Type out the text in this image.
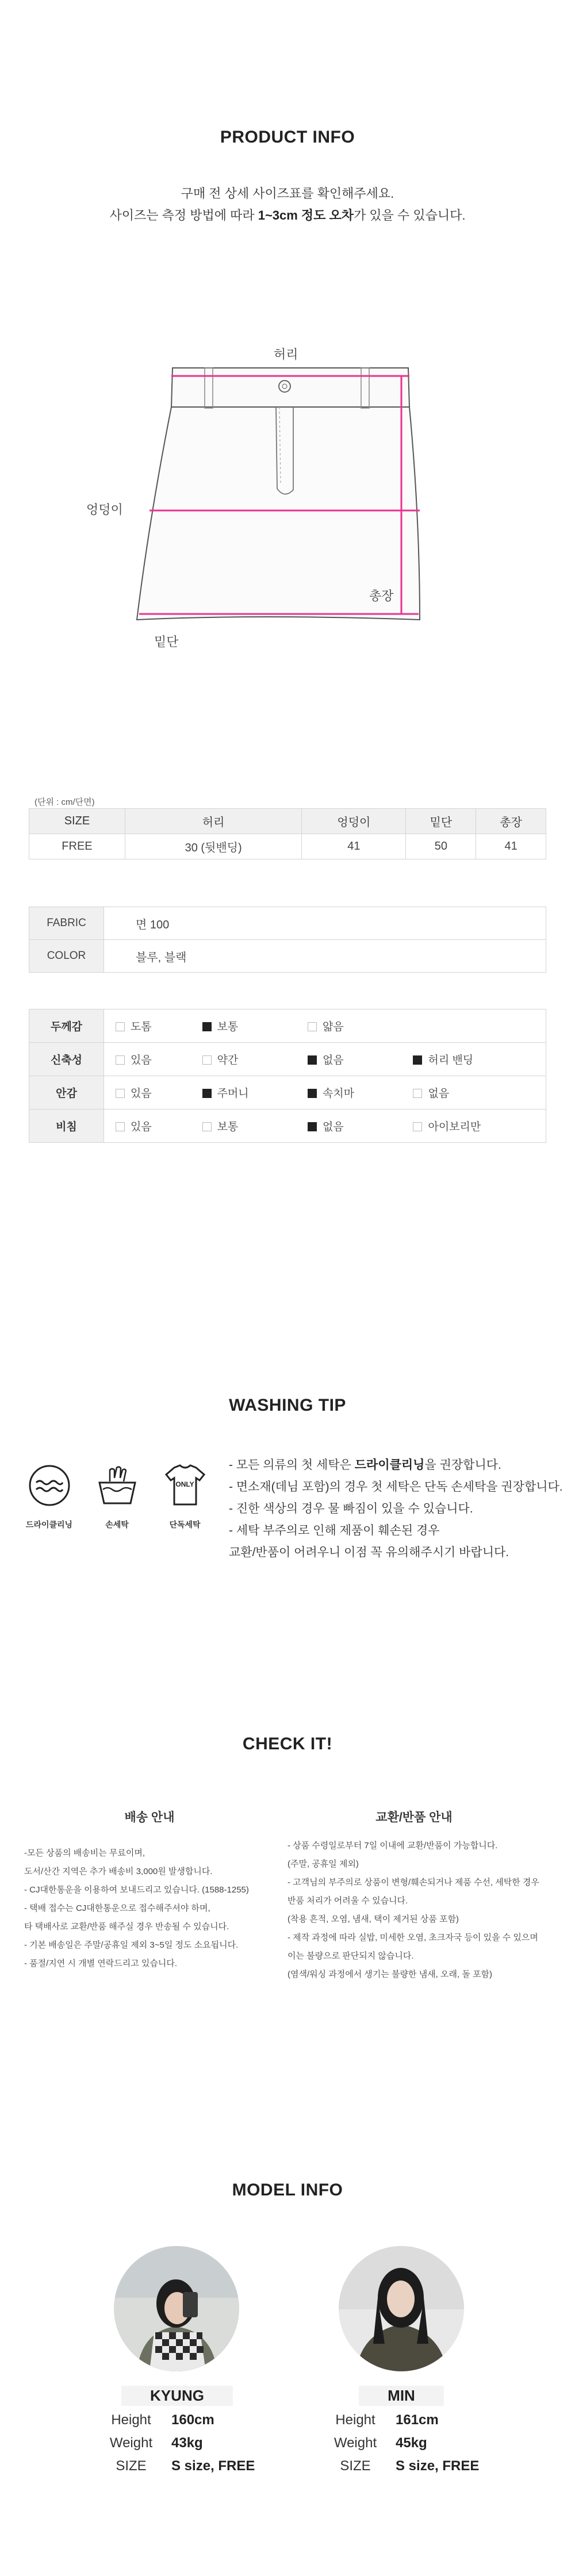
PRODUCT INFO
구매 전 상세 사이즈표를 확인해주세요.
사이즈는 측정 방법에 따라 1~3cm 정도 오차가 있을 수 있습니다.
허리
엉덩이
총장
밑단
(단위 : cm/단면)
SIZE	허리	엉덩이	밑단	총장
FREE	30 (뒷밴딩)	41	50	41
FABRIC	면 100
COLOR	블루, 블랙
두께감	도톰	보통	얇음	
신축성	있음	약간	없음	허리 밴딩
안감	있음	주머니	속치마	없음
비침	있음	보통	없음	아이보리만
WASHING TIP
드라이클리닝	손세탁
ONLY
단독세탁
- 모든 의류의 첫 세탁은 드라이클리닝을 권장합니다.
- 면소재(데님 포함)의 경우 첫 세탁은 단독 손세탁을 권장합니다.
- 진한 색상의 경우 물 빠짐이 있을 수 있습니다.
- 세탁 부주의로 인해 제품이 훼손된 경우
교환/반품이 어려우니 이점 꼭 유의해주시기 바랍니다.
CHECK IT!
배송 안내
-모든 상품의 배송비는 무료이며,
도서/산간 지역은 추가 배송비 3,000원 발생합니다.
- CJ대한통운을 이용하여 보내드리고 있습니다. (1588-1255)
- 택배 접수는 CJ대한통운으로 접수해주셔야 하며,
타 택배사로 교환/반품 해주실 경우 반송될 수 있습니다.
- 기본 배송일은 주말/공휴일 제외 3~5일 정도 소요됩니다.
- 품절/지연 시 개별 연락드리고 있습니다.
교환/반품 안내
- 상품 수령일로부터 7일 이내에 교환/반품이 가능합니다.
(주말, 공휴일 제외)
- 고객님의 부주의로 상품이 변형/훼손되거나 제품 수선, 세탁한 경우
반품 처리가 어려울 수 있습니다.
(착용 흔적, 오염, 냄새, 택이 제거된 상품 포함)
- 제작 과정에 따라 실밥, 미세한 오염, 초크자국 등이 있을 수 있으며
이는 불량으로 판단되지 않습니다.
(염색/워싱 과정에서 생기는 불량한 냄새, 오래, 돌 포함)
MODEL INFO
KYUNG
Height 160cm
Weight 43kg
SIZE S size, FREE
MIN
Height 161cm
Weight 45kg
SIZE S size, FREE
